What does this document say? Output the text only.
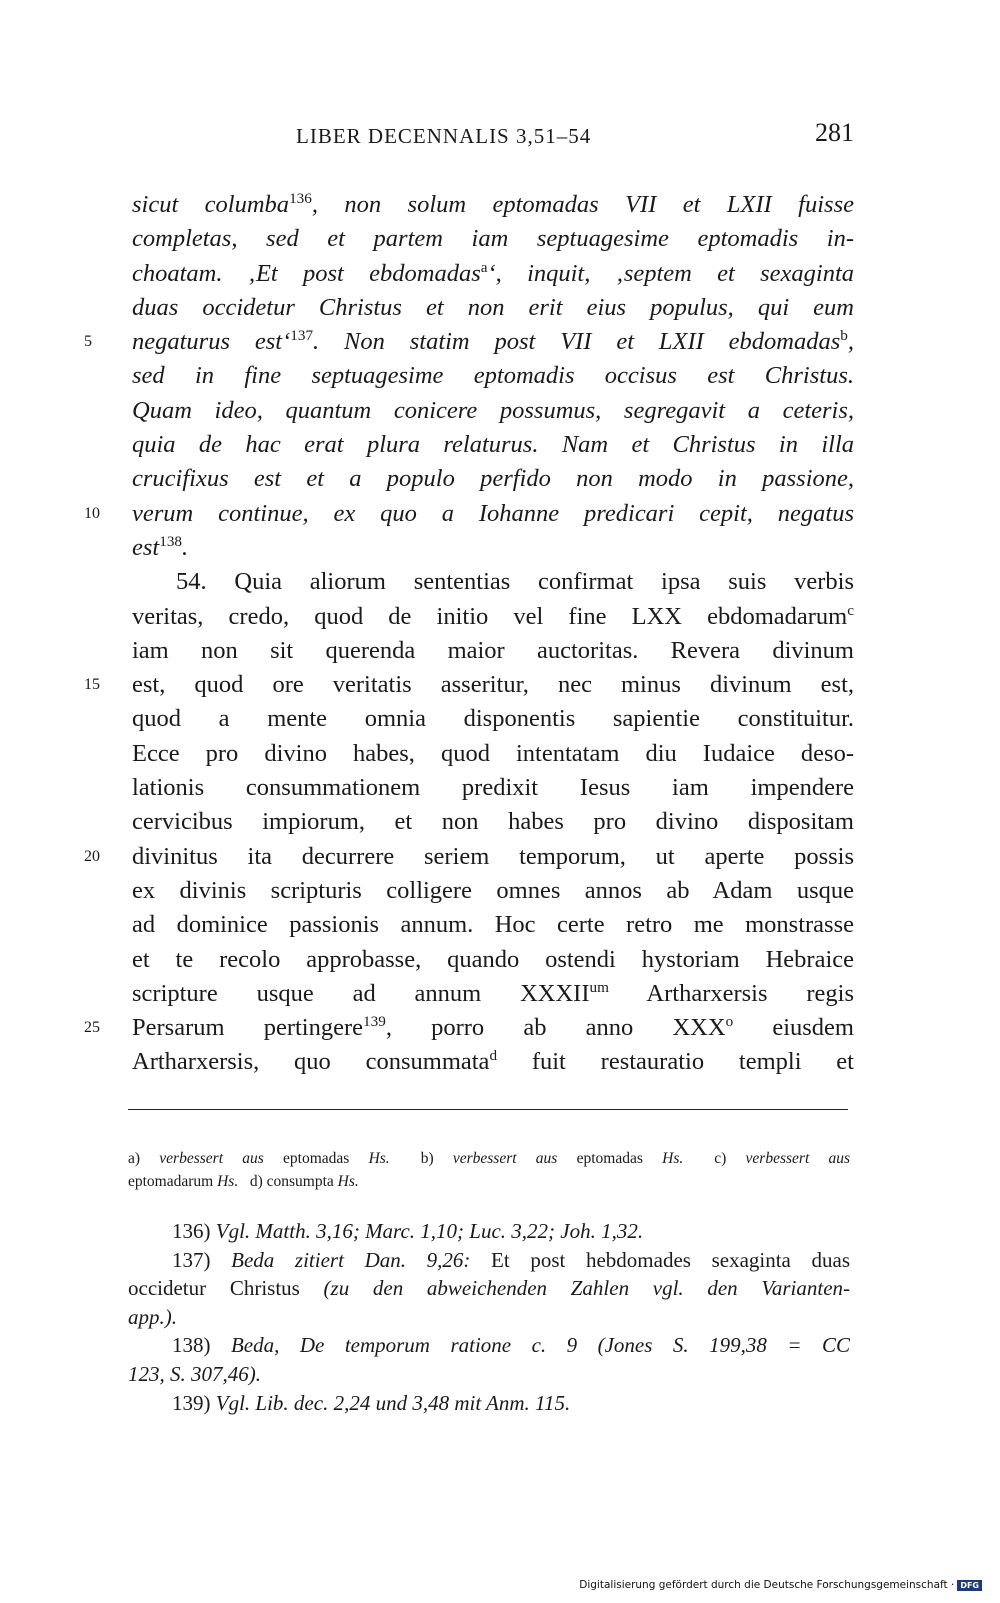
LIBER DECENNALIS 3,51–54	281
sicut columba$^{136}$, non solum eptomadas VII et LXII fuisse
completas, sed et partem iam septuagesime eptomadis in-
choatam. ‚Et post ebdomadas$^a$‘, inquit, ‚septem et sexaginta
duas occidetur Christus et non erit eius populus, qui eum
5	negaturus est‘$^{137}$. Non statim post VII et LXII ebdomadas$^b$,
sed in fine septuagesime eptomadis occisus est Christus.
Quam ideo, quantum conicere possumus, segregavit a ceteris,
quia de hac erat plura relaturus. Nam et Christus in illa
crucifixus est et a populo perfido non modo in passione,
10	verum continue, ex quo a Iohanne predicari cepit, negatus
est$^{138}$.
54. Quia aliorum sententias confirmat ipsa suis verbis
veritas, credo, quod de initio vel fine LXX ebdomadarum$^c$
iam non sit querenda maior auctoritas. Revera divinum
15	est, quod ore veritatis asseritur, nec minus divinum est,
quod a mente omnia disponentis sapientie constituitur.
Ecce pro divino habes, quod intentatam diu Iudaice deso-
lationis consummationem predixit Iesus iam impendere
cervicibus impiorum, et non habes pro divino dispositam
20	divinitus ita decurrere seriem temporum, ut aperte possis
ex divinis scripturis colligere omnes annos ab Adam usque
ad dominice passionis annum. Hoc certe retro me monstrasse
et te recolo approbasse, quando ostendi hystoriam Hebraice
scripture usque ad annum $XXXII^{um}$ Artharxersis regis
25	Persarum pertingere$^{139}$, porro ab anno XXX$^o$ eiusdem
Artharxersis, quo consummata$^d$ fuit restauratio templi et
a) verbessert aus eptomadas Hs.   b) verbessert aus eptomadas Hs.   c) verbessert aus
eptomadarum Hs.  d) consumpta Hs.
136) Vgl. Matth. 3,16; Marc. 1,10; Luc. 3,22; Joh. 1,32.
137) Beda zitiert Dan. 9,26: Et post hebdomades sexaginta duas
occidetur Christus (zu den abweichenden Zahlen vgl. den Varianten-
app.).
138) Beda, De temporum ratione c. 9 (Jones S. 199,38 = CC
123, S. 307,46).
139) Vgl. Lib. dec. 2,24 und 3,48 mit Anm. 115.
Digitalisierung gefördert durch die Deutsche Forschungsgemeinschaft · DFG
